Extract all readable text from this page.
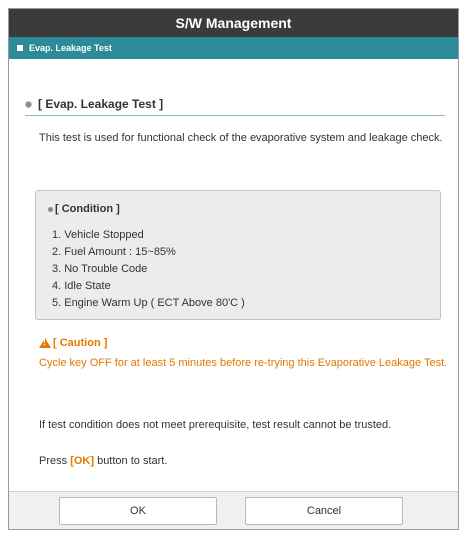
S/W Management
Evap. Leakage Test
[ Evap. Leakage Test ]
This test is used for functional check of the evaporative system and leakage check.
[ Condition ]
1. Vehicle Stopped
2. Fuel Amount : 15~85%
3. No Trouble Code
4. Idle State
5. Engine Warm Up ( ECT Above 80'C )
!
[ Caution ]
Cycle key OFF for at least 5 minutes before re-trying this Evaporative Leakage Test.
If test condition does not meet prerequisite, test result cannot be trusted.
Press [OK] button to start.
OK	Cancel
